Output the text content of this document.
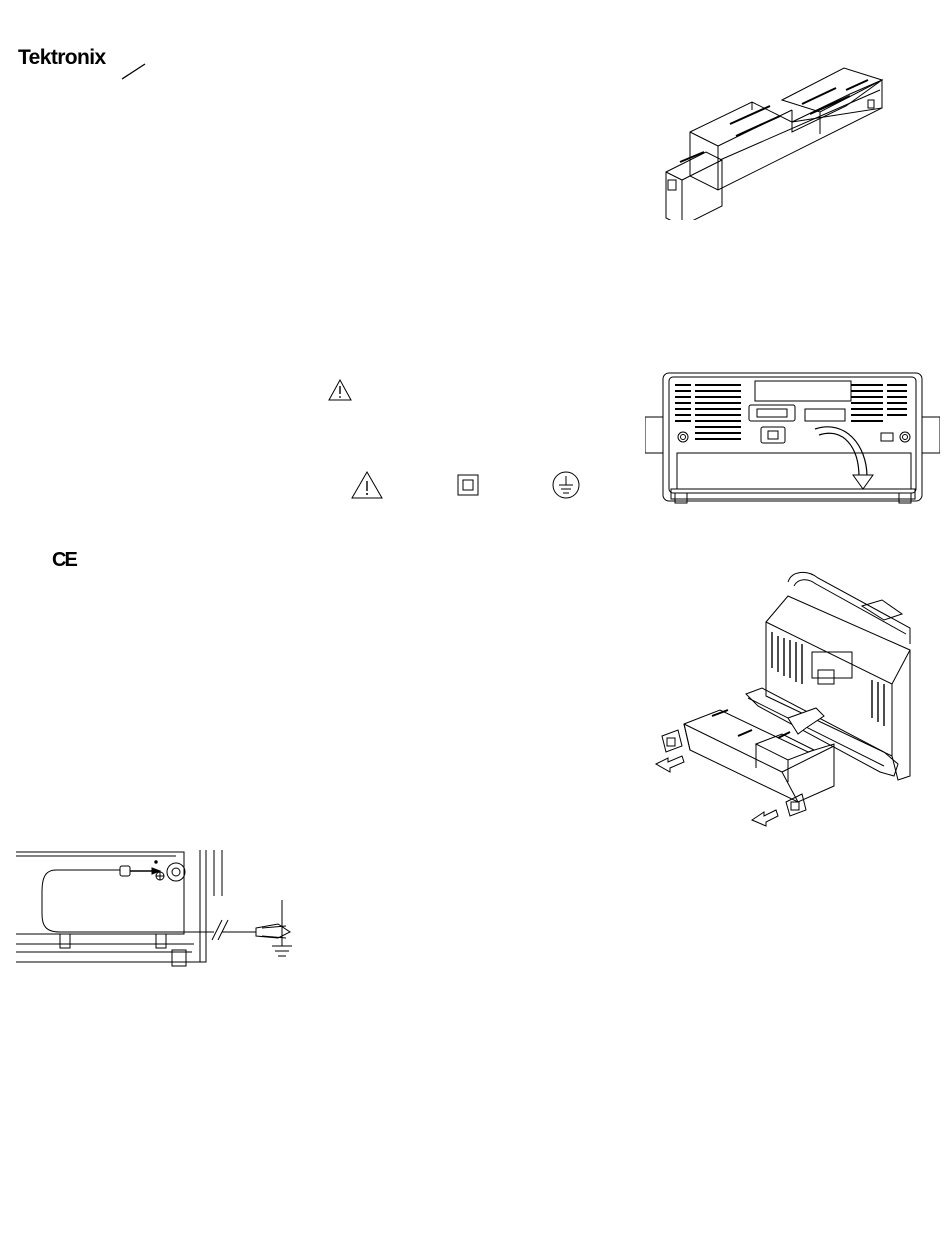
Tektronix
CE
